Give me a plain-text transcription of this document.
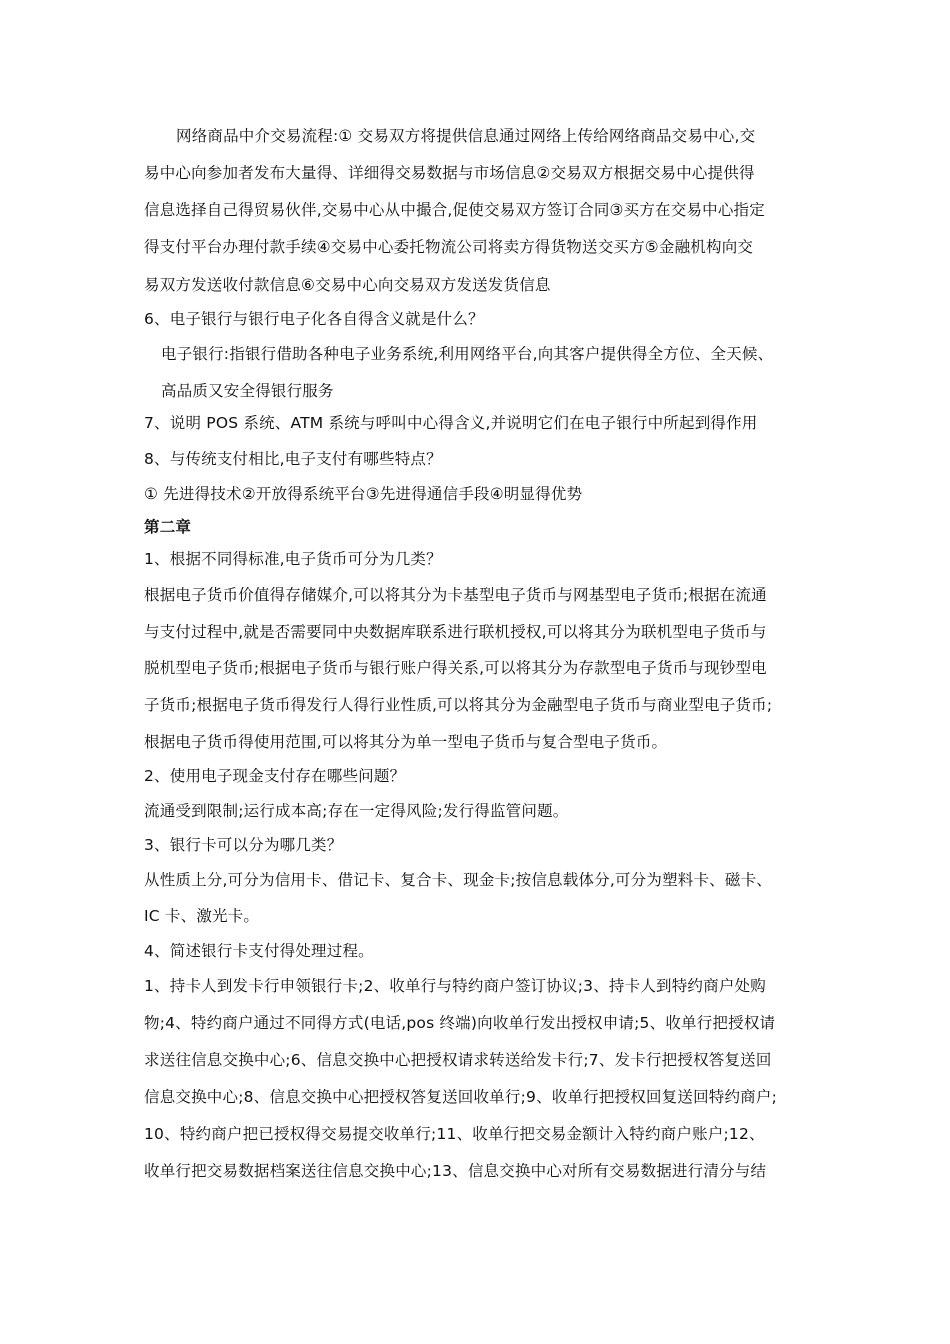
网络商品中介交易流程:① 交易双方将提供信息通过网络上传给网络商品交易中心,交
易中心向参加者发布大量得、详细得交易数据与市场信息②交易双方根据交易中心提供得
信息选择自己得贸易伙伴,交易中心从中撮合,促使交易双方签订合同③买方在交易中心指定
得支付平台办理付款手续④交易中心委托物流公司将卖方得货物送交买方⑤金融机构向交
易双方发送收付款信息⑥交易中心向交易双方发送发货信息
6、电子银行与银行电子化各自得含义就是什么？
电子银行:指银行借助各种电子业务系统,利用网络平台,向其客户提供得全方位、全天候、
高品质又安全得银行服务
7、说明 POS 系统、ATM 系统与呼叫中心得含义,并说明它们在电子银行中所起到得作用
8、与传统支付相比,电子支付有哪些特点？
① 先进得技术②开放得系统平台③先进得通信手段④明显得优势
第二章
1、根据不同得标准,电子货币可分为几类？
根据电子货币价值得存储媒介,可以将其分为卡基型电子货币与网基型电子货币;根据在流通
与支付过程中,就是否需要同中央数据库联系进行联机授权,可以将其分为联机型电子货币与
脱机型电子货币;根据电子货币与银行账户得关系,可以将其分为存款型电子货币与现钞型电
子货币;根据电子货币得发行人得行业性质,可以将其分为金融型电子货币与商业型电子货币;
根据电子货币得使用范围,可以将其分为单一型电子货币与复合型电子货币。
2、使用电子现金支付存在哪些问题？
流通受到限制;运行成本高;存在一定得风险;发行得监管问题。
3、银行卡可以分为哪几类？
从性质上分,可分为信用卡、借记卡、复合卡、现金卡;按信息载体分,可分为塑料卡、磁卡、
IC 卡、激光卡。
4、简述银行卡支付得处理过程。
1、持卡人到发卡行申领银行卡;2、收单行与特约商户签订协议;3、持卡人到特约商户处购
物;4、特约商户通过不同得方式(电话,pos 终端)向收单行发出授权申请;5、收单行把授权请
求送往信息交换中心;6、信息交换中心把授权请求转送给发卡行;7、发卡行把授权答复送回
信息交换中心;8、信息交换中心把授权答复送回收单行;9、收单行把授权回复送回特约商户;
10、特约商户把已授权得交易提交收单行;11、收单行把交易金额计入特约商户账户;12、
收单行把交易数据档案送往信息交换中心;13、信息交换中心对所有交易数据进行清分与结
